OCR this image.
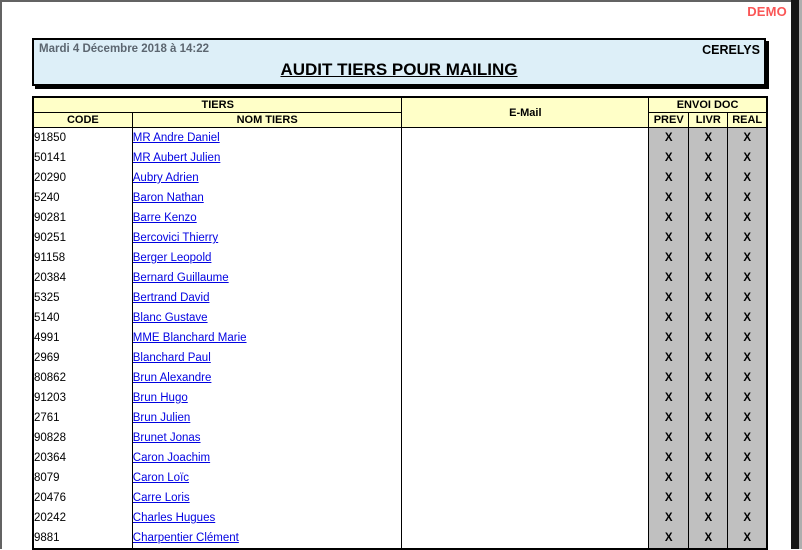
DEMO
Mardi 4 Décembre 2018 à 14:22	CERELYS
AUDIT TIERS POUR MAILING
TIERS		E-Mail	ENVOI DOC		
CODE	NOM TIERS		PREV	LIVR	REAL
91850	MR Andre Daniel		X	X	X
50141	MR Aubert Julien		X	X	X
20290	Aubry Adrien		X	X	X
5240	Baron Nathan		X	X	X
90281	Barre Kenzo		X	X	X
90251	Bercovici Thierry		X	X	X
91158	Berger Leopold		X	X	X
20384	Bernard Guillaume		X	X	X
5325	Bertrand David		X	X	X
5140	Blanc Gustave		X	X	X
4991	MME Blanchard Marie		X	X	X
2969	Blanchard Paul		X	X	X
80862	Brun Alexandre		X	X	X
91203	Brun Hugo		X	X	X
2761	Brun Julien		X	X	X
90828	Brunet Jonas		X	X	X
20364	Caron Joachim		X	X	X
8079	Caron Loïc		X	X	X
20476	Carre Loris		X	X	X
20242	Charles Hugues		X	X	X
9881	Charpentier Clément		X	X	X
